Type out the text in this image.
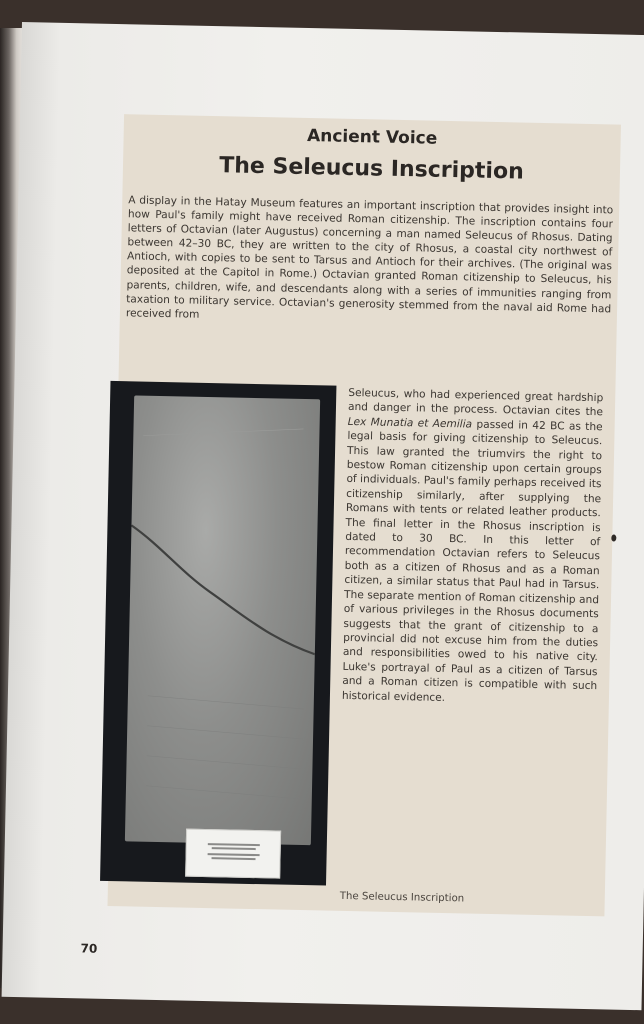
Ancient Voice
The Seleucus Inscription

A display in the Hatay Museum features an important inscription that provides insight into how Paul's family might have received Roman citizenship. The inscription contains four letters of Octavian (later Augustus) concerning a man named Seleucus of Rhosus. Dating between 42–30 BC, they are written to the city of Rhosus, a coastal city northwest of Antioch, with copies to be sent to Tarsus and Antioch for their archives. (The original was deposited at the Capitol in Rome.) Octavian granted Roman citizenship to Seleucus, his parents, children, wife, and descendants along with a series of immunities ranging from taxation to military service. Octavian's generosity stemmed from the naval aid Rome had received from

Seleucus, who had experienced great hardship and danger in the process. Octavian cites the Lex Munatia et Aemilia passed in 42 BC as the legal basis for giving citizenship to Seleucus. This law granted the triumvirs the right to bestow Roman citizenship upon certain groups of individuals. Paul's family perhaps received its citizenship similarly, after supplying the Romans with tents or related leather products. The final letter in the Rhosus inscription is dated to 30 BC. In this letter of recommendation Octavian refers to Seleucus both as a citizen of Rhosus and as a Roman citizen, a similar status that Paul had in Tarsus. The separate mention of Roman citizenship and of various privileges in the Rhosus documents suggests that the grant of citizenship to a provincial did not excuse him from the duties and responsibilities owed to his native city. Luke's portrayal of Paul as a citizen of Tarsus and a Roman citizen is compatible with such historical evidence.

The Seleucus Inscription
70
